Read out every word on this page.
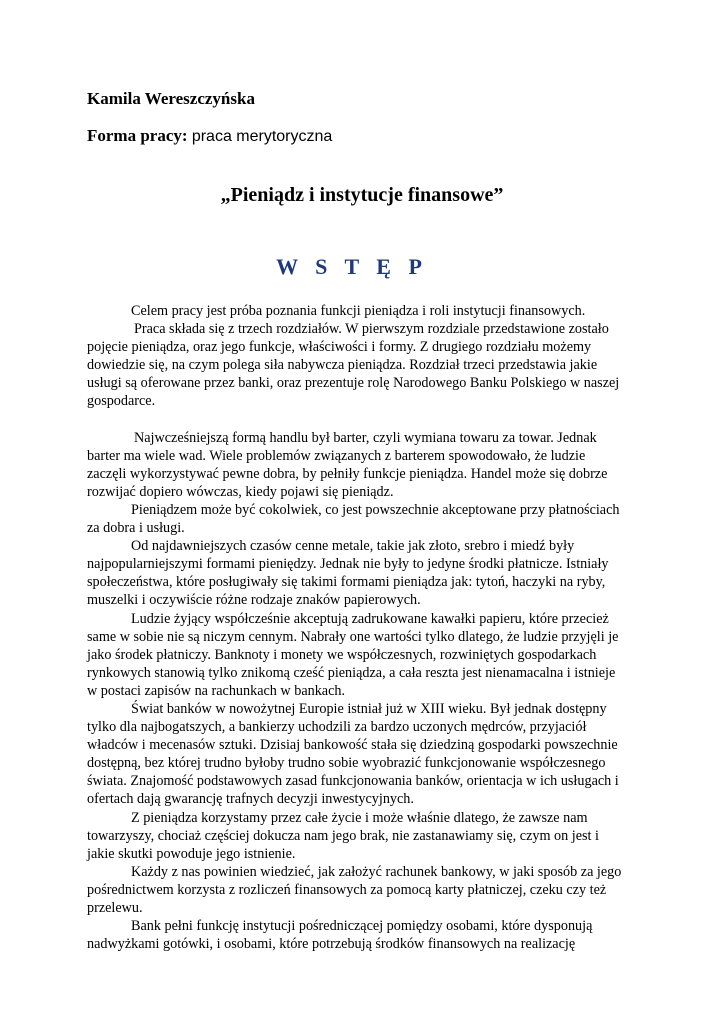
Kamila Wereszczyńska
Forma pracy: praca merytoryczna
„Pieniądz i instytucje finansowe”
W S T Ę P
Celem pracy jest próba poznania funkcji pieniądza i roli instytucji finansowych.
Praca składa się z trzech rozdziałów. W pierwszym rozdziale przedstawione zostało
pojęcie pieniądza, oraz jego funkcje, właściwości i formy. Z drugiego rozdziału możemy
dowiedzie się, na czym polega siła nabywcza pieniądza. Rozdział trzeci przedstawia jakie
usługi są oferowane przez banki, oraz prezentuje rolę Narodowego Banku Polskiego w naszej
gospodarce.
Najwcześniejszą formą handlu był barter, czyli wymiana towaru za towar. Jednak
barter ma wiele wad. Wiele problemów związanych z barterem spowodowało, że ludzie
zaczęli wykorzystywać pewne dobra, by pełniły funkcje pieniądza. Handel może się dobrze
rozwijać dopiero wówczas, kiedy pojawi się pieniądz.
Pieniądzem może być cokolwiek, co jest powszechnie akceptowane przy płatnościach
za dobra i usługi.
Od najdawniejszych czasów cenne metale, takie jak złoto, srebro i miedź były
najpopularniejszymi formami pieniędzy. Jednak nie były to jedyne środki płatnicze. Istniały
społeczeństwa, które posługiwały się takimi formami pieniądza jak: tytoń, haczyki na ryby,
muszelki i oczywiście różne rodzaje znaków papierowych.
Ludzie żyjący współcześnie akceptują zadrukowane kawałki papieru, które przecież
same w sobie nie są niczym cennym. Nabrały one wartości tylko dlatego, że ludzie przyjęli je
jako środek płatniczy. Banknoty i monety we współczesnych, rozwiniętych gospodarkach
rynkowych stanowią tylko znikomą cześć pieniądza, a cała reszta jest nienamacalna i istnieje
w postaci zapisów na rachunkach w bankach.
Świat banków w nowożytnej Europie istniał już w XIII wieku. Był jednak dostępny
tylko dla najbogatszych, a bankierzy uchodzili za bardzo uczonych mędrców, przyjaciół
władców i mecenasów sztuki. Dzisiaj bankowość stała się dziedziną gospodarki powszechnie
dostępną, bez której trudno byłoby trudno sobie wyobrazić funkcjonowanie współczesnego
świata. Znajomość podstawowych zasad funkcjonowania banków, orientacja w ich usługach i
ofertach dają gwarancję trafnych decyzji inwestycyjnych.
Z pieniądza korzystamy przez całe życie i może właśnie dlatego, że zawsze nam
towarzyszy, chociaż częściej dokucza nam jego brak, nie zastanawiamy się, czym on jest i
jakie skutki powoduje jego istnienie.
Każdy z nas powinien wiedzieć, jak założyć rachunek bankowy, w jaki sposób za jego
pośrednictwem korzysta z rozliczeń finansowych za pomocą karty płatniczej, czeku czy też
przelewu.
Bank pełni funkcję instytucji pośredniczącej pomiędzy osobami, które dysponują
nadwyżkami gotówki, i osobami, które potrzebują środków finansowych na realizację
